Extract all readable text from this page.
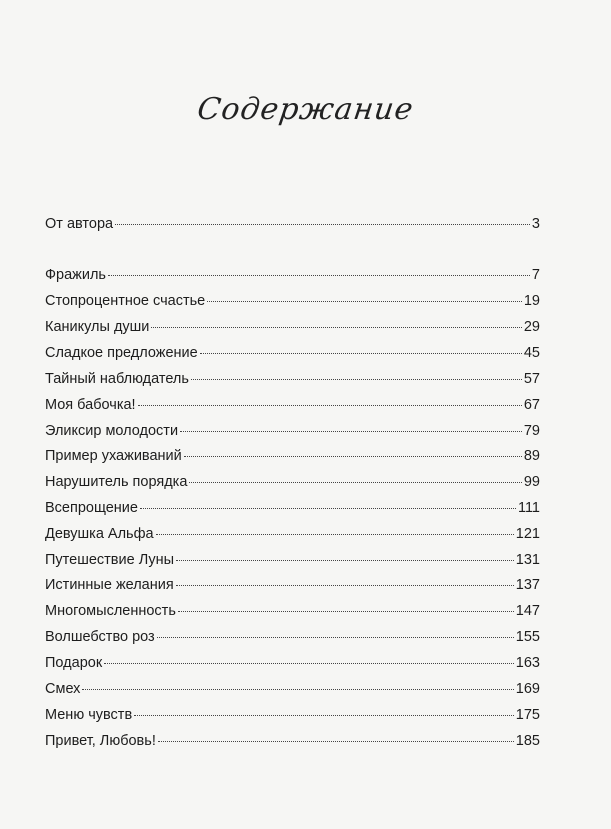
Содержание
От автора	3
Фражиль	7
Стопроцентное счастье	19
Каникулы души	29
Сладкое предложение	45
Тайный наблюдатель	57
Моя бабочка!	67
Эликсир молодости	79
Пример ухаживаний	89
Нарушитель порядка	99
Всепрощение	111
Девушка Альфа	121
Путешествие Луны	131
Истинные желания	137
Многомысленность	147
Волшебство роз	155
Подарок	163
Смех	169
Меню чувств	175
Привет, Любовь!	185
